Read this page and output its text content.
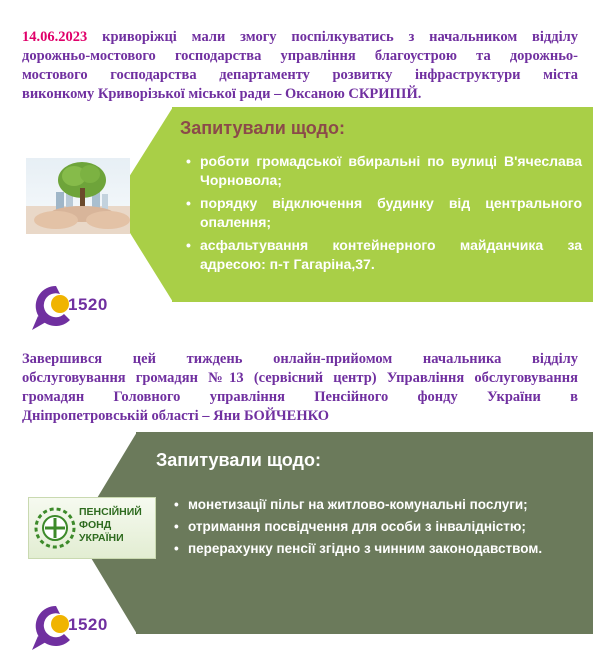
14.06.2023 криворіжці мали змогу поспілкуватись з начальником відділу
дорожньо-мостового господарства управління благоустрою та дорожньо-
мостового господарства департаменту розвитку інфраструктури міста
виконкому Криворізької міської ради – Оксаною СКРИПІЙ.
Запитували щодо:
• роботи громадської вбиральні по вулиці В'ячеслава Чорновола;
• порядку відключення будинку від центрального опалення;
• асфальтування контейнерного майданчика за адресою: п-т Гагаріна,37.
1520
Завершився цей тиждень онлайн-прийомом начальника відділу
обслуговування громадян №13 (сервісний центр) Управління обслуговування
громадян Головного управління Пенсійного фонду України в
Дніпропетровській області – Яни БОЙЧЕНКО
Запитували щодо:
• монетизації пільг на житлово-комунальні послуги;
• отримання посвідчення для особи з інвалідністю;
• перерахунку пенсії згідно з чинним законодавством.
ПЕНСІЙНИЙ
ФОНД
УКРАЇНИ
1520
